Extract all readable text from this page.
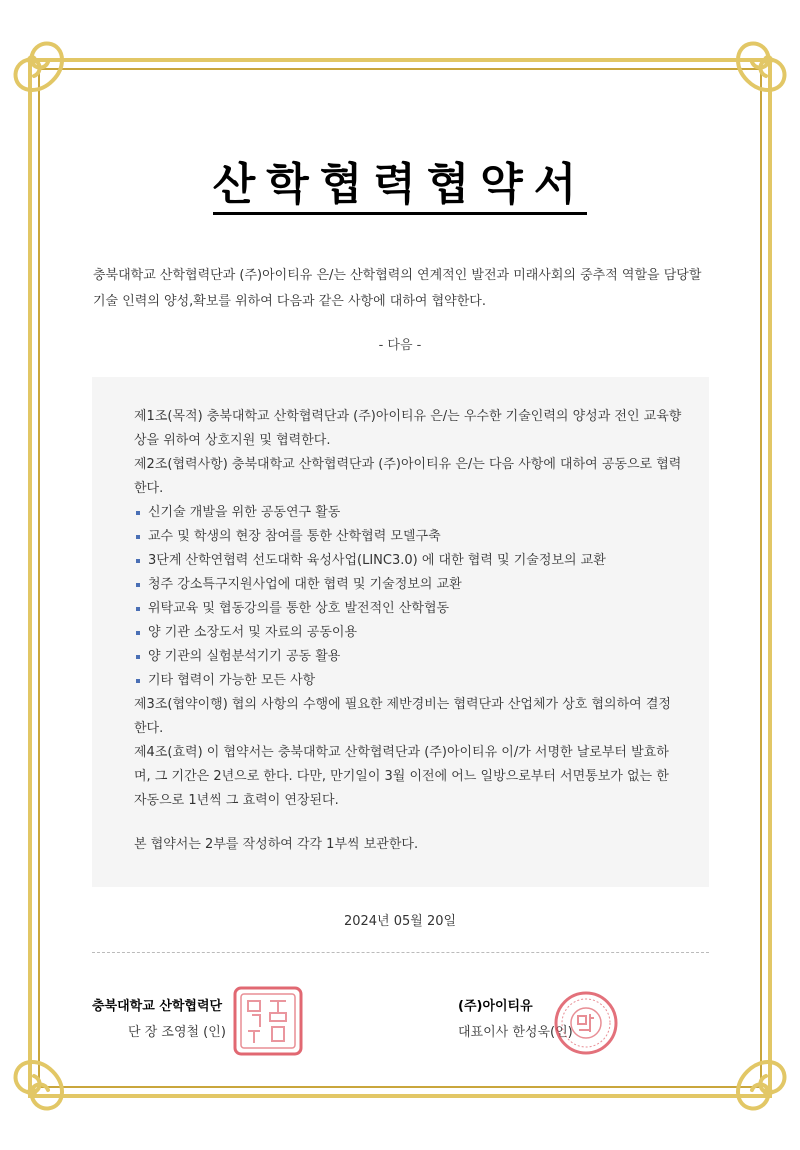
산학협력협약서
충북대학교 산학협력단과 (주)아이티유 은/는 산학협력의 연계적인 발전과 미래사회의 중추적 역할을 담당할 기술 인력의 양성,확보를 위하여 다음과 같은 사항에 대하여 협약한다.
- 다음 -

제1조(목적) 충북대학교 산학협력단과 (주)아이티유 은/는 우수한 기술인력의 양성과 전인 교육향상을 위하여 상호지원 및 협력한다.

제2조(협력사항) 충북대학교 산학협력단과 (주)아이티유 은/는 다음 사항에 대하여 공동으로 협력한다.

신기술 개발을 위한 공동연구 활동
교수 및 학생의 현장 참여를 통한 산학협력 모델구축
3단계 산학연협력 선도대학 육성사업(LINC3.0) 에 대한 협력 및 기술정보의 교환
청주 강소특구지원사업에 대한 협력 및 기술정보의 교환
위탁교육 및 협동강의를 통한 상호 발전적인 산학협동
양 기관 소장도서 및 자료의 공동이용
양 기관의 실험분석기기 공동 활용
기타 협력이 가능한 모든 사항

제3조(협약이행) 협의 사항의 수행에 필요한 제반경비는 협력단과 산업체가 상호 협의하여 결정한다.

제4조(효력) 이 협약서는 충북대학교 산학협력단과 (주)아이티유 이/가 서명한 날로부터 발효하며, 그 기간은 2년으로 한다. 다만, 만기일이 3월 이전에 어느 일방으로부터 서면통보가 없는 한 자동으로 1년씩 그 효력이 연장된다.

본 협약서는 2부를 작성하여 각각 1부씩 보관한다.

2024년 05월 20일
충북대학교 산학협력단
단 장 조영철 (인)
(주)아이티유
대표이사 한성욱(인)
